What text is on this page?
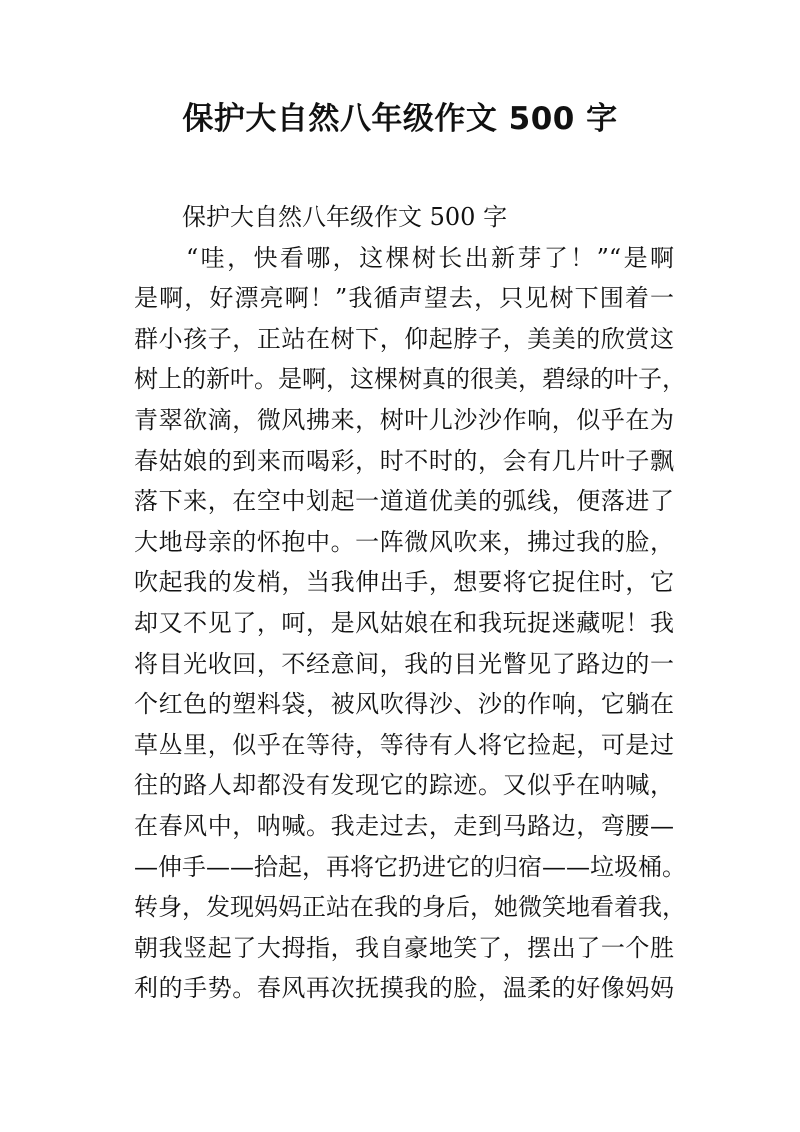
保护大自然八年级作文 500 字
保护大自然八年级作文 500 字
“哇，快看哪，这棵树长出新芽了！”“是啊
是啊，好漂亮啊！”我循声望去，只见树下围着一
群小孩子，正站在树下，仰起脖子，美美的欣赏这
树上的新叶。是啊，这棵树真的很美，碧绿的叶子，
青翠欲滴，微风拂来，树叶儿沙沙作响，似乎在为
春姑娘的到来而喝彩，时不时的，会有几片叶子飘
落下来，在空中划起一道道优美的弧线，便落进了
大地母亲的怀抱中。一阵微风吹来，拂过我的脸，
吹起我的发梢，当我伸出手，想要将它捉住时，它
却又不见了，呵，是风姑娘在和我玩捉迷藏呢！我
将目光收回，不经意间，我的目光瞥见了路边的一
个红色的塑料袋，被风吹得沙、沙的作响，它躺在
草丛里，似乎在等待，等待有人将它捡起，可是过
往的路人却都没有发现它的踪迹。又似乎在呐喊，
在春风中，呐喊。我走过去，走到马路边，弯腰—
—伸手——拾起，再将它扔进它的归宿——垃圾桶。
转身，发现妈妈正站在我的身后，她微笑地看着我，
朝我竖起了大拇指，我自豪地笑了，摆出了一个胜
利的手势。春风再次抚摸我的脸，温柔的好像妈妈
